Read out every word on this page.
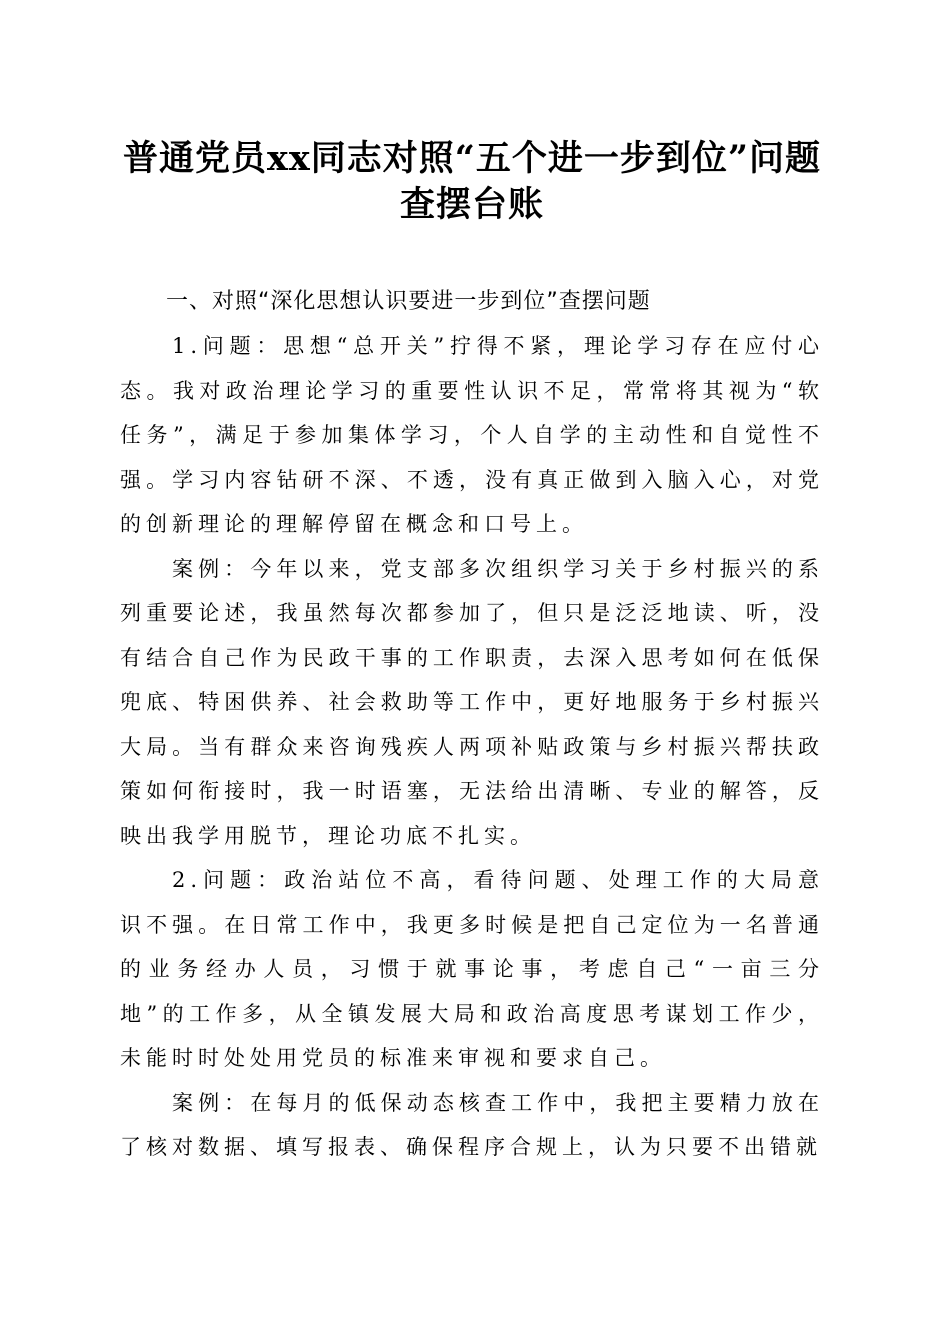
普通党员xx同志对照“五个进一步到位”问题查摆台账
一、对照“深化思想认识要进一步到位”查摆问题

1.问题：思想“总开关”拧得不紧，理论学习存在应付心态。我对政治理论学习的重要性认识不足，常常将其视为“软任务”，满足于参加集体学习，个人自学的主动性和自觉性不强。学习内容钻研不深、不透，没有真正做到入脑入心，对党的创新理论的理解停留在概念和口号上。

案例：今年以来，党支部多次组织学习关于乡村振兴的系列重要论述，我虽然每次都参加了，但只是泛泛地读、听，没有结合自己作为民政干事的工作职责，去深入思考如何在低保兜底、特困供养、社会救助等工作中，更好地服务于乡村振兴大局。当有群众来咨询残疾人两项补贴政策与乡村振兴帮扶政策如何衔接时，我一时语塞，无法给出清晰、专业的解答，反映出我学用脱节，理论功底不扎实。

2.问题：政治站位不高，看待问题、处理工作的大局意识不强。在日常工作中，我更多时候是把自己定位为一名普通的业务经办人员，习惯于就事论事，考虑自己“一亩三分地”的工作多，从全镇发展大局和政治高度思考谋划工作少，未能时时处处用党员的标准来审视和要求自己。

案例：在每月的低保动态核查工作中，我把主要精力放在了核对数据、填写报表、确保程序合规上，认为只要不出错就
